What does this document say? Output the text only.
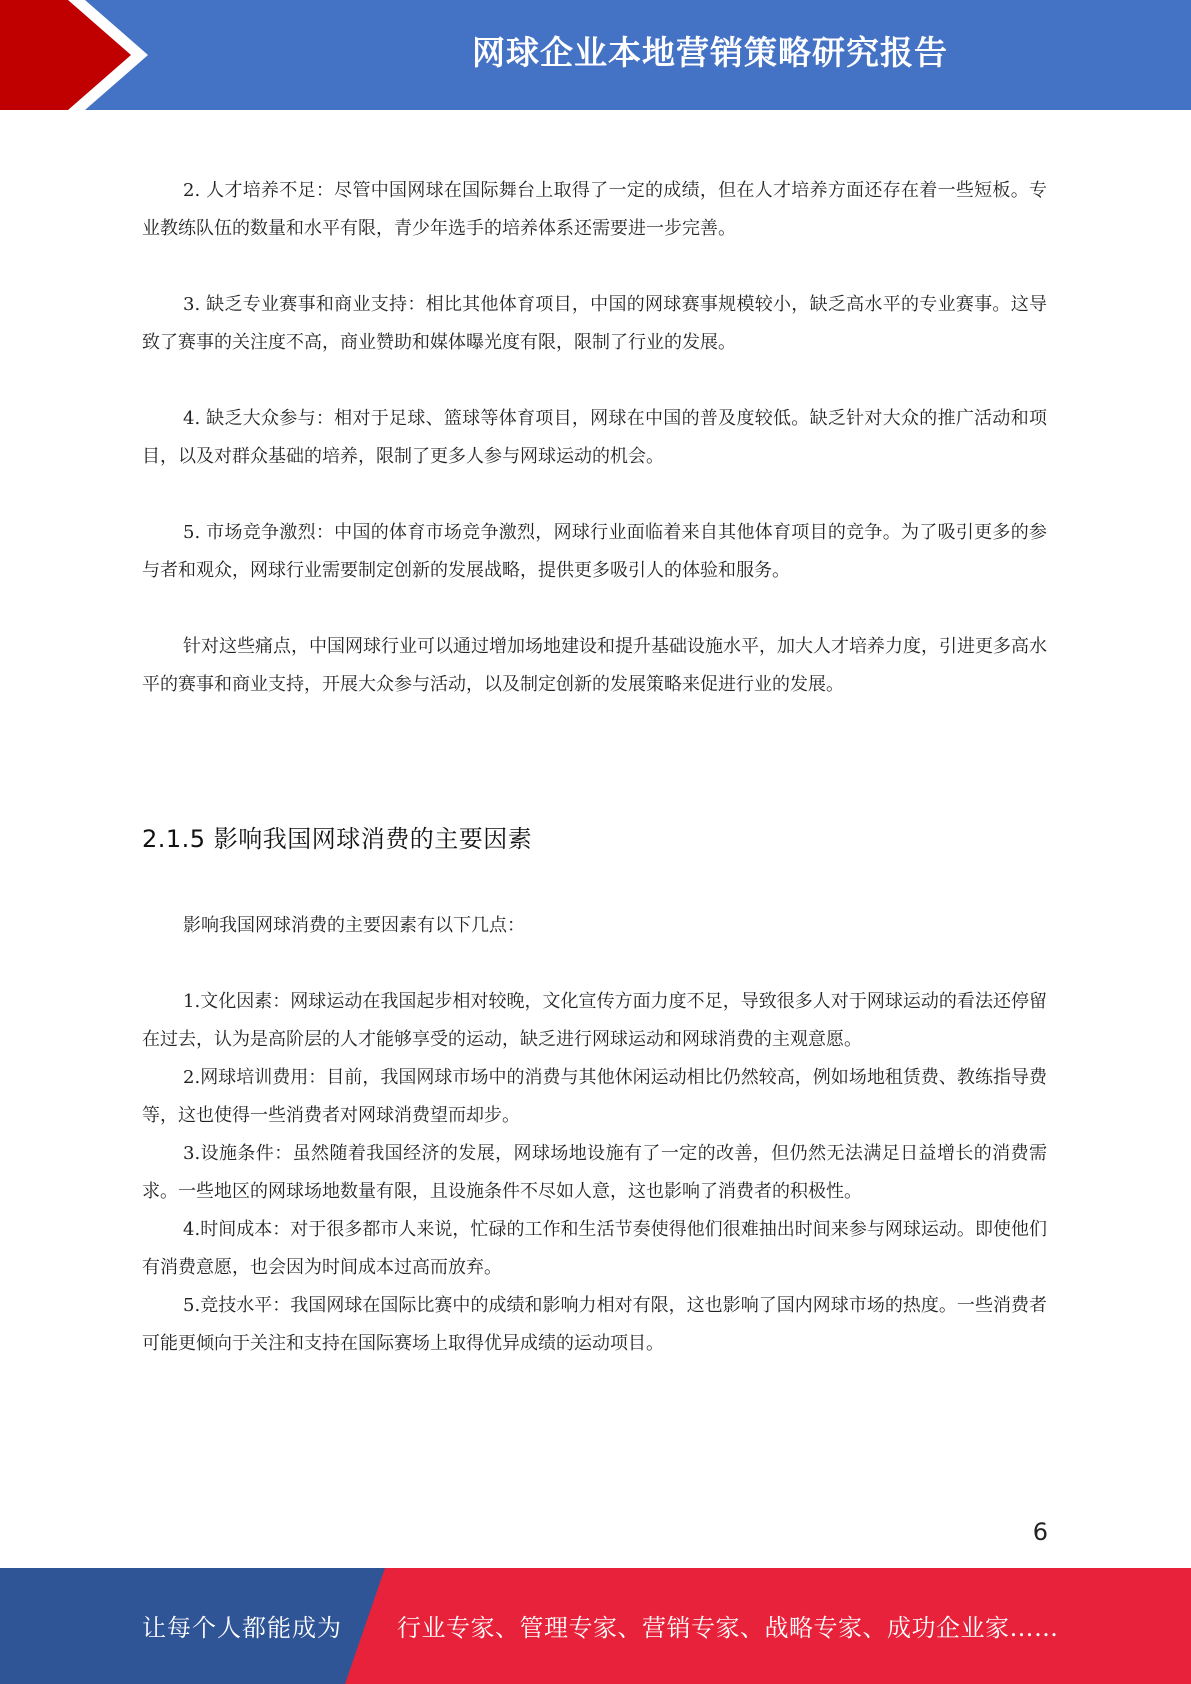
网球企业本地营销策略研究报告

2. 人才培养不足：尽管中国网球在国际舞台上取得了一定的成绩，但在人才培养方面还存在着一些短板。专业教练队伍的数量和水平有限，青少年选手的培养体系还需要进一步完善。

3. 缺乏专业赛事和商业支持：相比其他体育项目，中国的网球赛事规模较小，缺乏高水平的专业赛事。这导致了赛事的关注度不高，商业赞助和媒体曝光度有限，限制了行业的发展。

4. 缺乏大众参与：相对于足球、篮球等体育项目，网球在中国的普及度较低。缺乏针对大众的推广活动和项目，以及对群众基础的培养，限制了更多人参与网球运动的机会。

5. 市场竞争激烈：中国的体育市场竞争激烈，网球行业面临着来自其他体育项目的竞争。为了吸引更多的参与者和观众，网球行业需要制定创新的发展战略，提供更多吸引人的体验和服务。

针对这些痛点，中国网球行业可以通过增加场地建设和提升基础设施水平，加大人才培养力度，引进更多高水平的赛事和商业支持，开展大众参与活动，以及制定创新的发展策略来促进行业的发展。

2.1.5 影响我国网球消费的主要因素

影响我国网球消费的主要因素有以下几点：

1.文化因素：网球运动在我国起步相对较晚，文化宣传方面力度不足，导致很多人对于网球运动的看法还停留在过去，认为是高阶层的人才能够享受的运动，缺乏进行网球运动和网球消费的主观意愿。

2.网球培训费用：目前，我国网球市场中的消费与其他休闲运动相比仍然较高，例如场地租赁费、教练指导费等，这也使得一些消费者对网球消费望而却步。

3.设施条件：虽然随着我国经济的发展，网球场地设施有了一定的改善，但仍然无法满足日益增长的消费需求。一些地区的网球场地数量有限，且设施条件不尽如人意，这也影响了消费者的积极性。

4.时间成本：对于很多都市人来说，忙碌的工作和生活节奏使得他们很难抽出时间来参与网球运动。即使他们有消费意愿，也会因为时间成本过高而放弃。

5.竞技水平：我国网球在国际比赛中的成绩和影响力相对有限，这也影响了国内网球市场的热度。一些消费者可能更倾向于关注和支持在国际赛场上取得优异成绩的运动项目。

6
让每个人都能成为 行业专家、管理专家、营销专家、战略专家、成功企业家……
